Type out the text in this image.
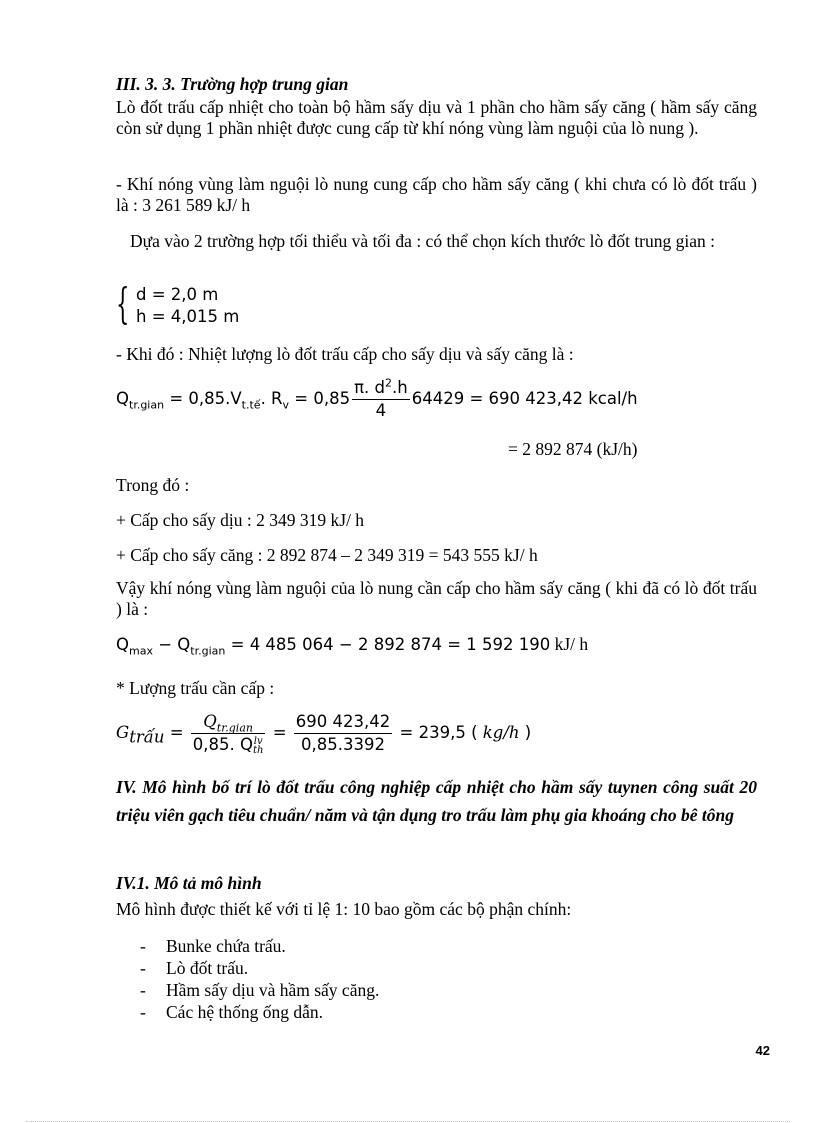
III. 3. 3. Trường hợp trung gian
Lò đốt trấu cấp nhiệt cho toàn bộ hầm sấy dịu và 1 phần cho hầm sấy căng ( hầm sấy căng còn sử dụng 1 phần nhiệt được cung cấp từ khí nóng vùng làm nguội của lò nung ).
- Khí nóng vùng làm nguội lò nung cung cấp cho hầm sấy căng ( khi chưa có lò đốt trấu ) là : 3 261 589 kJ/ h
Dựa vào 2 trường hợp tối thiểu và tối đa : có thể chọn kích thước lò đốt trung gian :
{ d = 2,0 m
h = 4,015 m
- Khi đó : Nhiệt lượng lò đốt trấu cấp cho sấy dịu và sấy căng là :
$Q_{tr.gian} = 0,85.V_{t.tế}$. $R_v = 0,85 \frac{\pi. d^2.h}{4} 64429 = 690$ 423,42 kcal/h
= 2 892 874 (kJ/h)
Trong đó :
+ Cấp cho sấy dịu : 2 349 319 kJ/ h
+ Cấp cho sấy căng : 2 892 874 – 2 349 319 = 543 555 kJ/ h
Vậy khí nóng vùng làm nguội của lò nung cần cấp cho hầm sấy căng ( khi đã có lò đốt trấu ) là :
$Q_{max} - Q_{tr.gian} = 4$ 485 064 − 2 892 874 = 1 592 190 kJ/ h
* Lượng trấu cần cấp :
$G_{trấu} = Q_{tr.gian}$
0,85. Q lv
th = $\frac{690 423,42}{0,85.3392} = 239,5$ ( kg/h )
IV. Mô hình bố trí lò đốt trấu công nghiệp cấp nhiệt cho hầm sấy tuynen công suất 20 triệu viên gạch tiêu chuẩn/ năm và tận dụng tro trấu làm phụ gia khoáng cho bê tông
IV.1. Mô tả mô hình
Mô hình được thiết kế với tỉ lệ 1: 10 bao gồm các bộ phận chính:
- Bunke chứa trấu.
- Lò đốt trấu.
- Hầm sấy dịu và hầm sấy căng.
- Các hệ thống ống dẫn.
42
